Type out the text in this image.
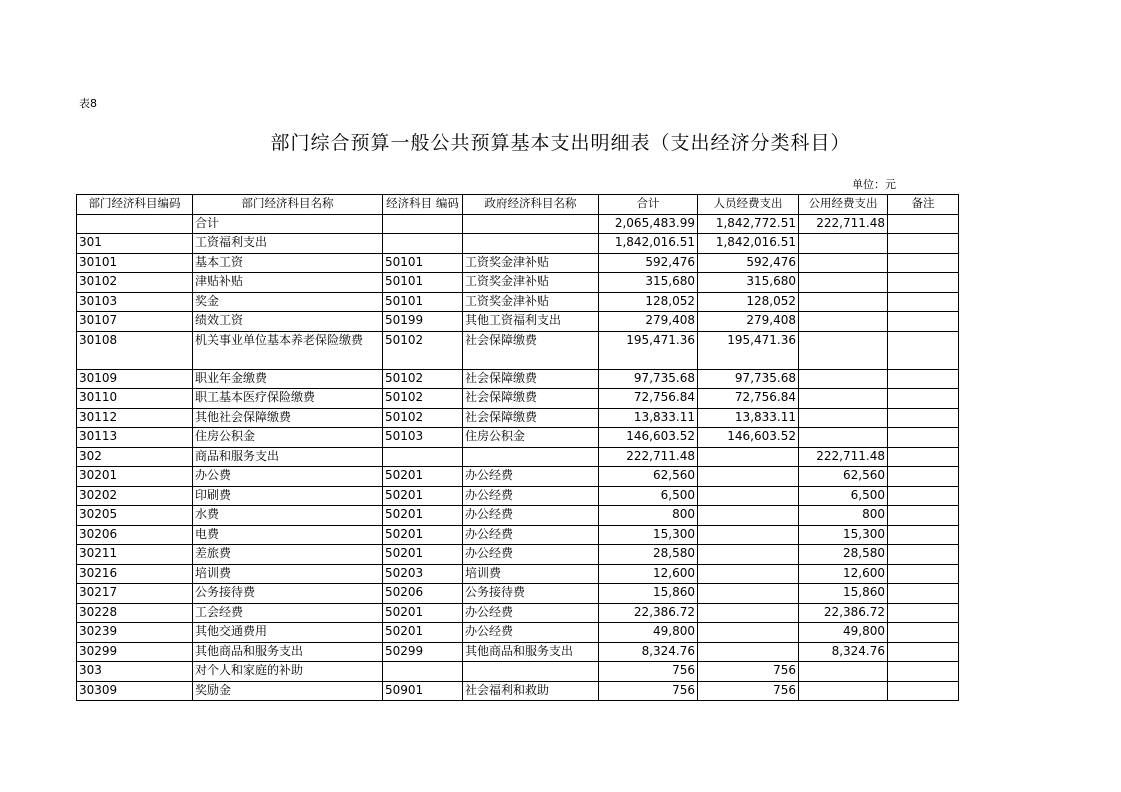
表8
部门综合预算一般公共预算基本支出明细表（支出经济分类科目）
单位：元
部门经济科目编码	部门经济科目名称	经济科目 编码	政府经济科目名称	合计	人员经费支出	公用经费支出	备注
	合计			2,065,483.99	1,842,772.51	222,711.48	
301	工资福利支出			1,842,016.51	1,842,016.51		
30101	基本工资	50101	工资奖金津补贴	592,476	592,476		
30102	津贴补贴	50101	工资奖金津补贴	315,680	315,680		
30103	奖金	50101	工资奖金津补贴	128,052	128,052		
30107	绩效工资	50199	其他工资福利支出	279,408	279,408		
30108	机关事业单位基本养老保险缴费	50102	社会保障缴费	195,471.36	195,471.36		
30109	职业年金缴费	50102	社会保障缴费	97,735.68	97,735.68		
30110	职工基本医疗保险缴费	50102	社会保障缴费	72,756.84	72,756.84		
30112	其他社会保障缴费	50102	社会保障缴费	13,833.11	13,833.11		
30113	住房公积金	50103	住房公积金	146,603.52	146,603.52		
302	商品和服务支出			222,711.48		222,711.48	
30201	办公费	50201	办公经费	62,560		62,560	
30202	印刷费	50201	办公经费	6,500		6,500	
30205	水费	50201	办公经费	800		800	
30206	电费	50201	办公经费	15,300		15,300	
30211	差旅费	50201	办公经费	28,580		28,580	
30216	培训费	50203	培训费	12,600		12,600	
30217	公务接待费	50206	公务接待费	15,860		15,860	
30228	工会经费	50201	办公经费	22,386.72		22,386.72	
30239	其他交通费用	50201	办公经费	49,800		49,800	
30299	其他商品和服务支出	50299	其他商品和服务支出	8,324.76		8,324.76	
303	对个人和家庭的补助			756	756		
30309	奖励金	50901	社会福利和救助	756	756		
